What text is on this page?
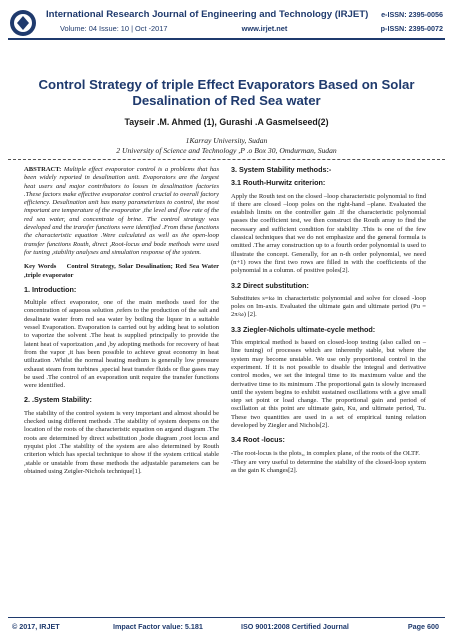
International Research Journal of Engineering and Technology (IRJET)
Volume: 04 Issue: 10 | Oct -2017	www.irjet.net
e-ISSN: 2395-0056
p-ISSN: 2395-0072
Control Strategy of triple Effect Evaporators Based on Solar Desalination of Red Sea water
Tayseir .M. Ahmed (1), Gurashi .A Gasmelseed(2)
1Karray University, Sudan
2 University of Science and Technology ,P .o Box 30, Omdurman, Sudan

ABSTRACT: Multiple effect evaporator control is a problems that has been widely reported in desalination unit. Evaporators are the largest heat users and major contributors to losses in desalination factories .These factors make effective evaporator control crucial to overall factory efficiency. Desalination unit has many parameterizes to control, the most important are temperature of the evaporator ,the level and flow rate of the red sea water, and concentrate of brine. The control strategy was developed and the transfer functions were identified .From these functions the characteristic equation .Were calculated as well as the open-loop transfer functions Routh, direct ,Root-locus and bode methods were used for tuning ,stability analyses and simulation response of the system.

Key Words Control Strategy, Solar Desalination; Red Sea Water ,triple evaporator

1. Introduction:

Multiple effect evaporator, one of the main methods used for the concentration of aqueous solution ,refers to the production of the salt and desalinate water from red sea water by boiling the liquor in a suitable vessel Evaporation. Evaporation is carried out by adding heat to solution to vaporize the solvent .The heat is supplied principally to provide the latent heat of vaporization ,and ,by adopting methods for recovery of heat from the vapor ,it has been possible to achieve great economy in heat utilization .Whilst the normal heating medium is generally low pressure exhaust steam from turbines ,special heat transfer fluids or flue gases may be used .The control of an evaporation unit require the transfer functions were identified.

2. .System Stability:

The stability of the control system is very important and almost should be checked using different methods .The stability of system deepens on the location of the roots of the characteristic equation on argand diagram .The roots are determined by direct substitution ,bode diagram ,root locus and nyquist plot .The stability of the system are also determined by Routh criterion which has special technique to show if the system critical stable ,stable or unstable from these methods the adjustable parameters can be obtained using Zeigler-Nichols technique[1].

3. System Stability methods:-
3.1 Routh-Hurwitz criterion:

Apply the Routh test on the closed –loop characteristic polynomial to find if there are closed –loop poles on the right-hand –plane. Evaluated the establish limits on the controller gain .If the characteristic polynomial passes the coefficient test, we then construct the Routh array to find the necessary and sufficient condition for stability .This is one of the few classical techniques that we do not emphasize and the general formula is omitted .The array construction up to a fourth order polynomial is used to illustrate the concept. Generally, for an n-th order polynomial, we need (n+1) rows the first two rows are filled in with the coefficients of the polynomial in a column. of positive poles[2].

3.2 Direct substitution:

Substitutes s=iω in characteristic polynomial and solve for closed -loop poles on Im-axis. Evaluated the ultimate gain and ultimate period (Pu = 2π/ω) [2].

3.3 Ziegler-Nichols ultimate-cycle method:

This empirical method is based on closed-loop testing (also called on –line tuning) of processes which are inherently stable, but where the system may become unstable. We use only proportional control in the experiment. If it is not possible to disable the integral and derivative control modes, we set the integral time to its maximum value and the derivative time to its minimum .The proportional gain is slowly increased until the system begins to exhibit sustained oscillations with a give small step set point or load change. The proportional gain and period of oscillation at this point are ultimate gain, Ku, and ultimate period, Tu. These two quantities are used in a set of empirical tuning relation developed by Ziegler and Nichols[2].

3.4 Root -locus:

-The root-locus is the plots,, in complex plane, of the roots of the OLTF.

-They are very useful to determine the stability of the closed-loop system as the gain K changes[2].

© 2017, IRJET	Impact Factor value: 5.181	ISO 9001:2008 Certified Journal	Page 600
